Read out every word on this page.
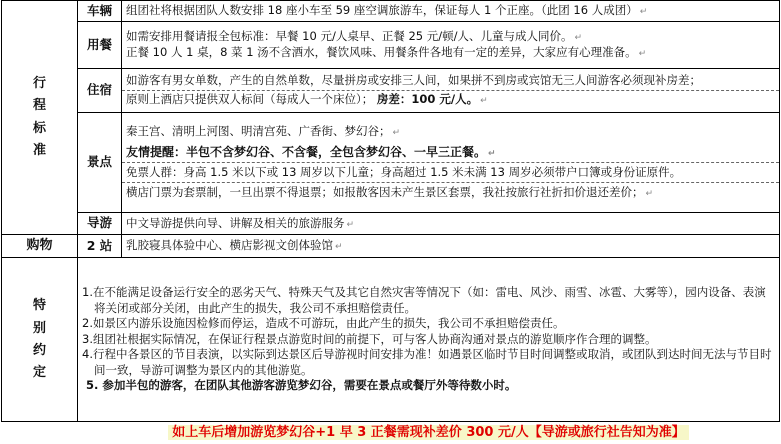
行程标准	车辆	组团社将根据团队人数安排 18 座小车至 59 座空调旅游车，保证每人 1 个正座。（此团 16 人成团） ↵
	用餐	如需安排用餐请报全包标准：早餐 10 元/人桌早、正餐 25 元/顿/人、儿童与成人同价。 ↵
正餐 10 人 1 桌，8 菜 1 汤不含酒水，餐饮风味、用餐条件各地有一定的差异，大家应有心理准备。 ↵

	住宿	如游客有男女单数，产生的自然单数，尽量拼房或安排三人间，如果拼不到房或宾馆无三人间游客必须现补房差；
原则上酒店只提供双人标间（每成人一个床位）； 房差：100 元/人。 ↵

	景点	秦王宫、清明上河图、明清宫苑、广香街、梦幻谷； ↵
友情提醒：半包不含梦幻谷、不含餐，全包含梦幻谷、一早三正餐。 ↵
免票人群：身高 1.5 米以下或 13 周岁以下儿童；身高超过 1.5 米未满 13 周岁必须带户口簿或身份证原件。
横店门票为套票制，一旦出票不得退票；如报散客因未产生景区套票，我社按旅行社折扣价退还差价； ↵

	导游	中文导游提供向导、讲解及相关的旅游服务 ↵

购物	2 站	乳胶寝具体验中心、横店影视文创体验馆 ↵

特别约定	1.在不能满足设备运行安全的恶劣天气、特殊天气及其它自然灾害等情况下（如：雷电、风沙、雨雪、冰雹、大雾等），园内设备、表演将关闭或部分关闭，由此产生的损失，我公司不承担赔偿责任。
2.如景区内游乐设施因检修而停运，造成不可游玩，由此产生的损失，我公司不承担赔偿责任。
3.组团社根据实际情况，在保证行程景点游览时间的前提下，可与客人协商沟通对景点的游览顺序作合理的调整。
4.行程中各景区的节目表演，以实际到达景区后导游视时间安排为准！如遇景区临时节目时间调整或取消，或团队到达时间无法与节目时间一致，导游可调整为景区内的其他游览。
5. 参加半包的游客，在团队其他游客游览梦幻谷，需要在景点或餐厅外等待数小时。	

	如上车后增加游览梦幻谷+1 早 3 正餐需现补差价 300 元/人【导游或旅行社告知为准】	
